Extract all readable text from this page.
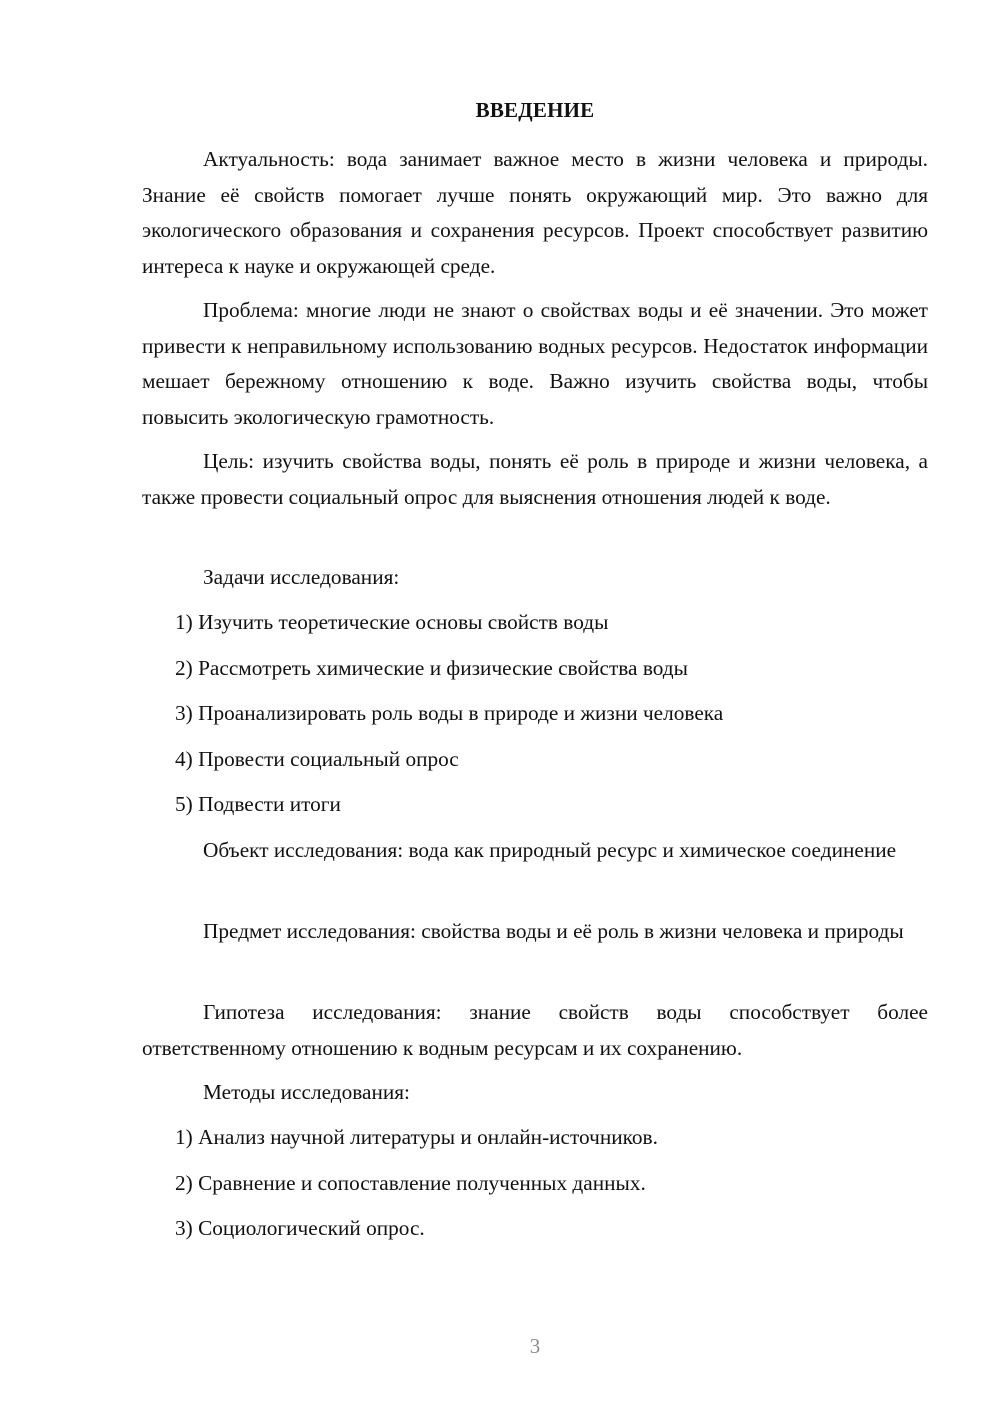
ВВЕДЕНИЕ

Актуальность: вода занимает важное место в жизни человека и природы. Знание её свойств помогает лучше понять окружающий мир. Это важно для экологического образования и сохранения ресурсов. Проект способствует развитию интереса к науке и окружающей среде.

Проблема: многие люди не знают о свойствах воды и её значении. Это может привести к неправильному использованию водных ресурсов. Недостаток информации мешает бережному отношению к воде. Важно изучить свойства воды, чтобы повысить экологическую грамотность.

Цель: изучить свойства воды, понять её роль в природе и жизни человека, а также провести социальный опрос для выяснения отношения людей к воде.

Задачи исследования:
1) Изучить теоретические основы свойств воды
2) Рассмотреть химические и физические свойства воды
3) Проанализировать роль воды в природе и жизни человека
4) Провести социальный опрос
5) Подвести итоги

Объект исследования: вода как природный ресурс и химическое соединение

Предмет исследования: свойства воды и её роль в жизни человека и природы

Гипотеза исследования: знание свойств воды способствует более ответственному отношению к водным ресурсам и их сохранению.

Методы исследования:
1) Анализ научной литературы и онлайн-источников.
2) Сравнение и сопоставление полученных данных.
3) Социологический опрос.
3
